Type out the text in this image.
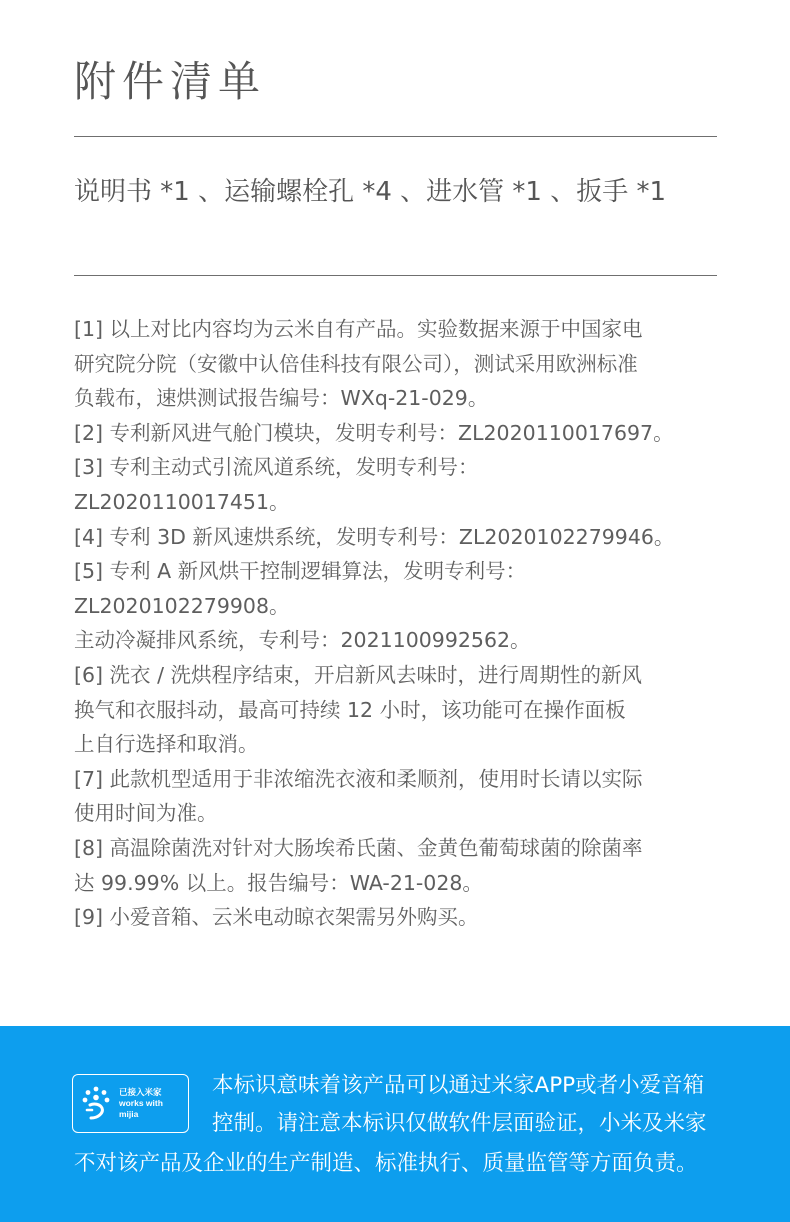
附件清单
说明书 *1 、运输螺栓孔 *4 、进水管 *1 、扳手 *1
[1] 以上对比内容均为云米自有产品。实验数据来源于中国家电
研究院分院（安徽中认倍佳科技有限公司），测试采用欧洲标准
负载布，速烘测试报告编号：WXq-21-029。
[2] 专利新风进气舱门模块，发明专利号：ZL2020110017697。
[3] 专利主动式引流风道系统，发明专利号：
ZL2020110017451。
[4] 专利 3D 新风速烘系统，发明专利号：ZL2020102279946。
[5] 专利 A 新风烘干控制逻辑算法，发明专利号：
ZL2020102279908。
主动冷凝排风系统，专利号：2021100992562。
[6] 洗衣 / 洗烘程序结束，开启新风去味时，进行周期性的新风
换气和衣服抖动，最高可持续 12 小时，该功能可在操作面板
上自行选择和取消。
[7] 此款机型适用于非浓缩洗衣液和柔顺剂，使用时长请以实际
使用时间为准。
[8] 高温除菌洗对针对大肠埃希氏菌、金黄色葡萄球菌的除菌率
达 99.99% 以上。报告编号：WA-21-028。
[9] 小爱音箱、云米电动晾衣架需另外购买。
已接入米家
works with
mijia
本标识意味着该产品可以通过米家APP或者小爱音箱
控制。请注意本标识仅做软件层面验证，小米及米家
不对该产品及企业的生产制造、标准执行、质量监管等方面负责。
